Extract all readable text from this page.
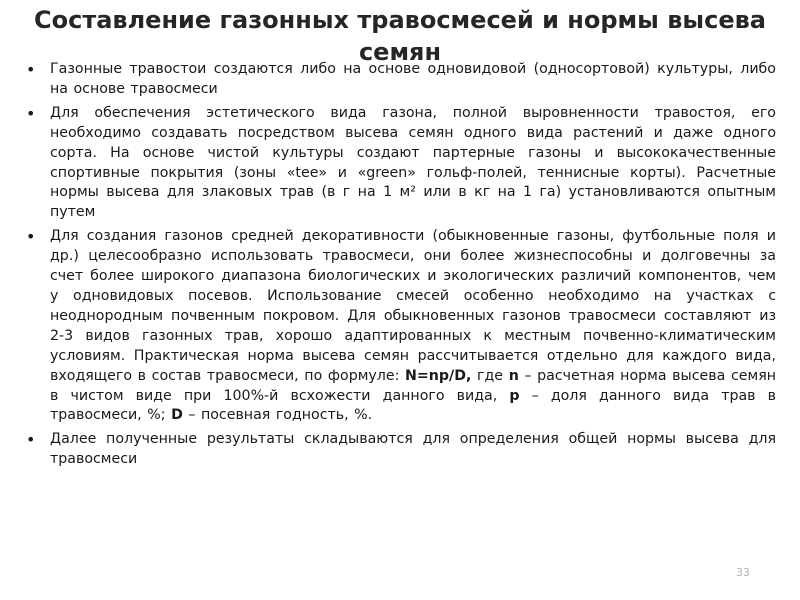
Составление газонных травосмесей и нормы высева семян
• Газонные травостои создаются либо на основе одновидовой (односортовой) культуры, либо на основе травосмеси
• Для обеспечения эстетического вида газона, полной выровненности травостоя, его необходимо создавать посредством высева семян одного вида растений и даже одного сорта. На основе чистой культуры создают партерные газоны и высококачественные спортивные покрытия (зоны «tee» и «green» гольф-полей, теннисные корты). Расчетные нормы высева для злаковых трав (в г на 1 м² или в кг на 1 га) установливаются опытным путем
• Для создания газонов средней декоративности (обыкновенные газоны, футбольные поля и др.) целесообразно использовать травосмеси, они более жизнеспособны и долговечны за счет более широкого диапазона биологических и экологических различий компонентов, чем у одновидовых посевов. Использование смесей особенно необходимо на участках с неоднородным почвенным покровом. Для обыкновенных газонов травосмеси составляют из 2-3 видов газонных трав, хорошо адаптированных к местным почвенно-климатическим условиям. Практическая норма высева семян рассчитывается отдельно для каждого вида, входящего в состав травосмеси, по формуле: N=np/D, где n – расчетная норма высева семян в чистом виде при 100%-й всхожести данного вида, р – доля данного вида трав в травосмеси, %; D – посевная годность, %.
• Далее полученные результаты складываются для определения общей нормы высева для травосмеси
33
